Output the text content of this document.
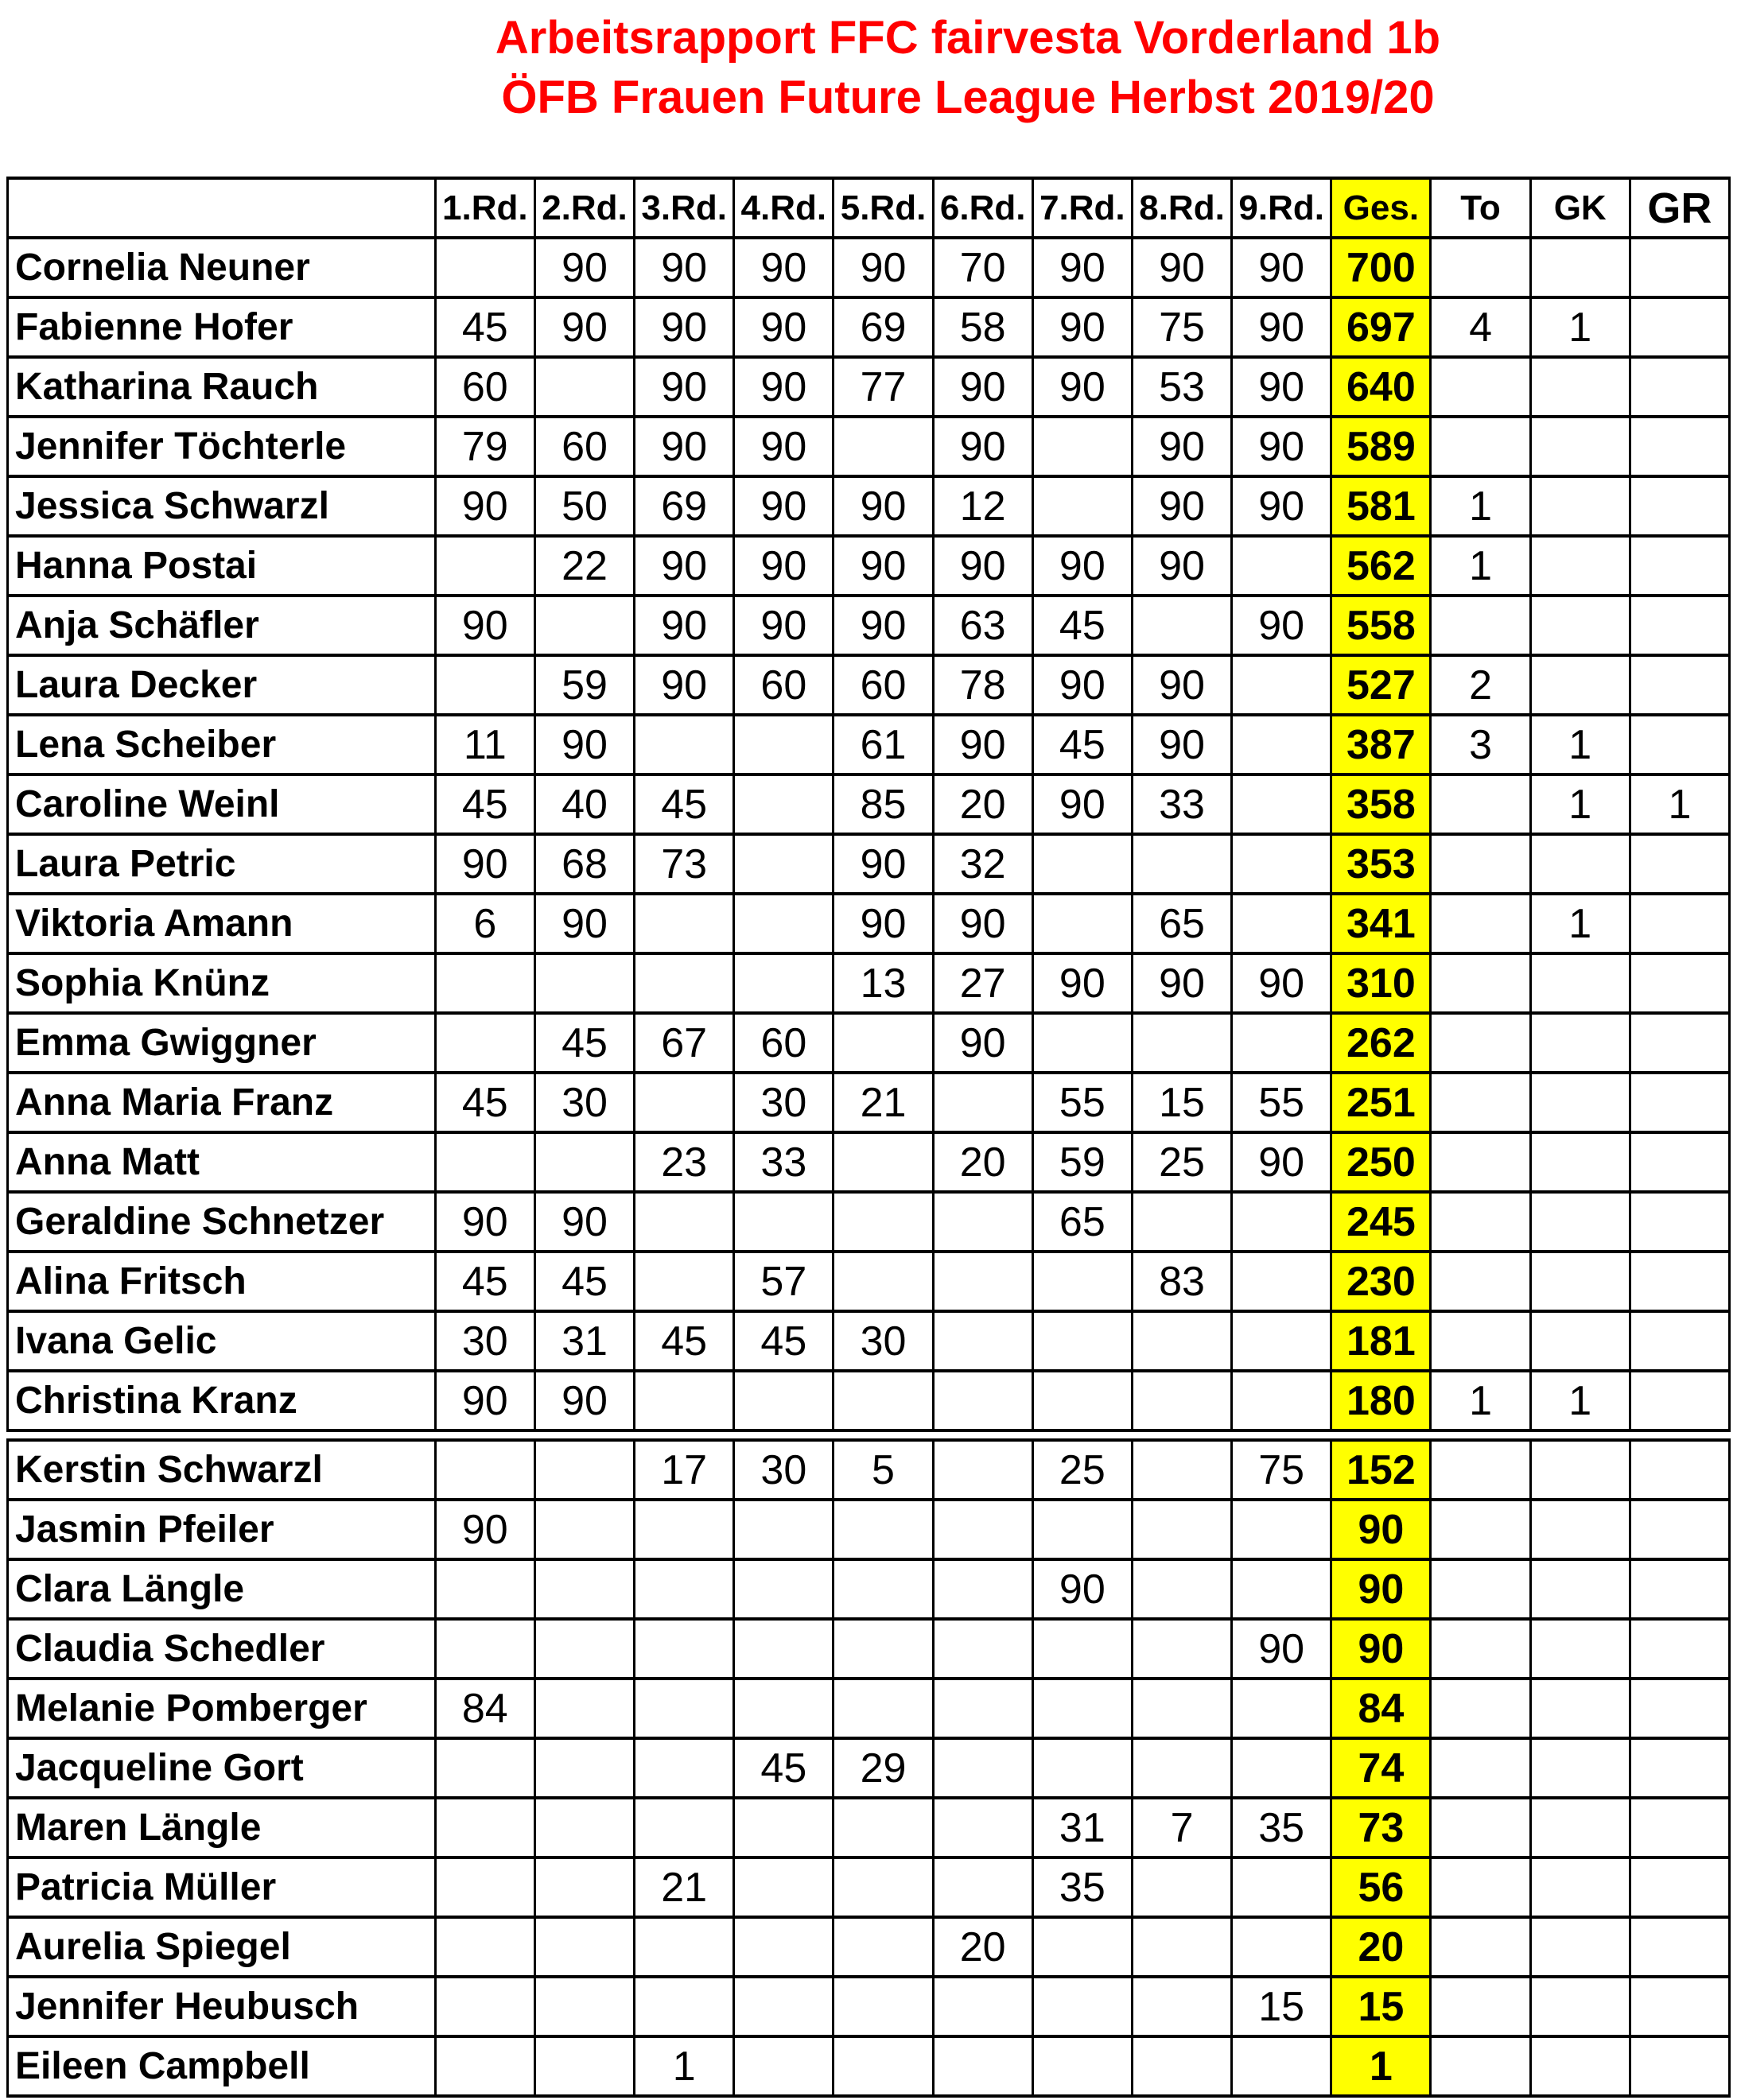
Arbeitsrapport FFC fairvesta Vorderland 1b
ÖFB Frauen Future League Herbst 2019/20
	1.Rd.	2.Rd.	3.Rd.	4.Rd.	5.Rd.	6.Rd.	7.Rd.	8.Rd.	9.Rd.	Ges.	To	GK	GR
Cornelia Neuner		90	90	90	90	70	90	90	90	700			
Fabienne Hofer	45	90	90	90	69	58	90	75	90	697	4	1	
Katharina Rauch	60		90	90	77	90	90	53	90	640			
Jennifer Töchterle	79	60	90	90		90		90	90	589			
Jessica Schwarzl	90	50	69	90	90	12		90	90	581	1		
Hanna Postai		22	90	90	90	90	90	90		562	1		
Anja Schäfler	90		90	90	90	63	45		90	558			
Laura Decker		59	90	60	60	78	90	90		527	2		
Lena Scheiber	11	90			61	90	45	90		387	3	1	
Caroline Weinl	45	40	45		85	20	90	33		358		1	1
Laura Petric	90	68	73		90	32				353			
Viktoria Amann	6	90			90	90		65		341		1	
Sophia Knünz					13	27	90	90	90	310			
Emma Gwiggner		45	67	60		90				262			
Anna Maria Franz	45	30		30	21		55	15	55	251			
Anna Matt			23	33		20	59	25	90	250			
Geraldine Schnetzer	90	90					65			245			
Alina Fritsch	45	45		57				83		230			
Ivana Gelic	30	31	45	45	30					181			
Christina Kranz	90	90								180	1	1	
Kerstin Schwarzl			17	30	5		25		75	152			
Jasmin Pfeiler	90									90			
Clara Längle							90			90			
Claudia Schedler									90	90			
Melanie Pomberger	84									84			
Jacqueline Gort				45	29					74			
Maren Längle							31	7	35	73			
Patricia Müller			21				35			56			
Aurelia Spiegel						20				20			
Jennifer Heubusch									15	15			
Eileen Campbell			1							1			
